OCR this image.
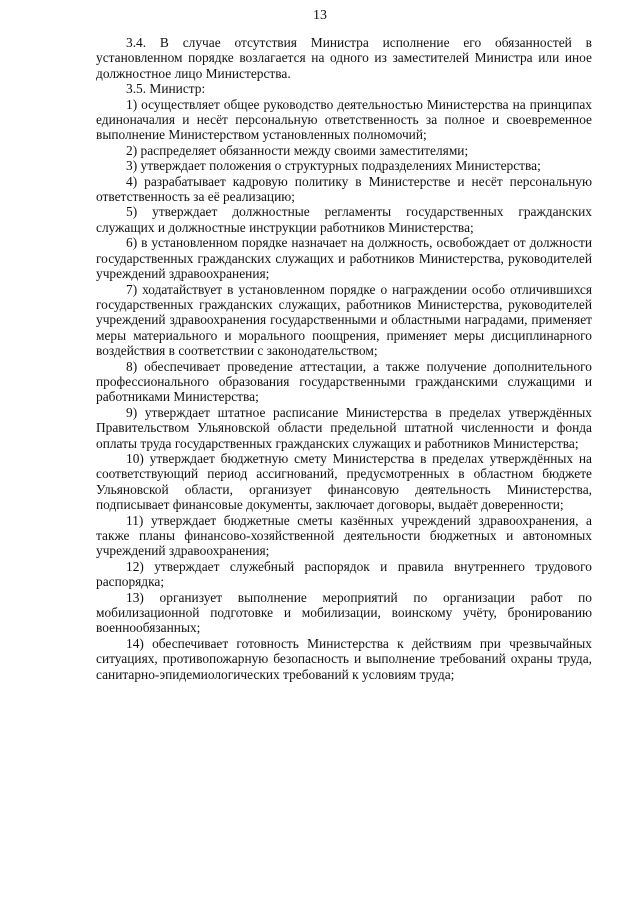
13

3.4. В случае отсутствия Министра исполнение его обязанностей в установленном порядке возлагается на одного из заместителей Министра или иное должностное лицо Министерства.

3.5. Министр:

1) осуществляет общее руководство деятельностью Министерства на принципах единоначалия и несёт персональную ответственность за полное и своевременное выполнение Министерством установленных полномочий;

2) распределяет обязанности между своими заместителями;

3) утверждает положения о структурных подразделениях Министерства;

4) разрабатывает кадровую политику в Министерстве и несёт персональную ответственность за её реализацию;

5) утверждает должностные регламенты государственных гражданских служащих и должностные инструкции работников Министерства;

6) в установленном порядке назначает на должность, освобождает от должности государственных гражданских служащих и работников Министерства, руководителей учреждений здравоохранения;

7) ходатайствует в установленном порядке о награждении особо отличившихся государственных гражданских служащих, работников Министерства, руководителей учреждений здравоохранения государственными и областными наградами, применяет меры материального и морального поощрения, применяет меры дисциплинарного воздействия в соответствии с законодательством;

8) обеспечивает проведение аттестации, а также получение дополнительного профессионального образования государственными гражданскими служащими и работниками Министерства;

9) утверждает штатное расписание Министерства в пределах утверждённых Правительством Ульяновской области предельной штатной численности и фонда оплаты труда государственных гражданских служащих и работников Министерства;

10) утверждает бюджетную смету Министерства в пределах утверждённых на соответствующий период ассигнований, предусмотренных в областном бюджете Ульяновской области, организует финансовую деятельность Министерства, подписывает финансовые документы, заключает договоры, выдаёт доверенности;

11) утверждает бюджетные сметы казённых учреждений здравоохранения, а также планы финансово-хозяйственной деятельности бюджетных и автономных учреждений здравоохранения;

12) утверждает служебный распорядок и правила внутреннего трудового распорядка;

13) организует выполнение мероприятий по организации работ по мобилизационной подготовке и мобилизации, воинскому учёту, бронированию военнообязанных;

14) обеспечивает готовность Министерства к действиям при чрезвычайных ситуациях, противопожарную безопасность и выполнение требований охраны труда, санитарно-эпидемиологических требований к условиям труда;
